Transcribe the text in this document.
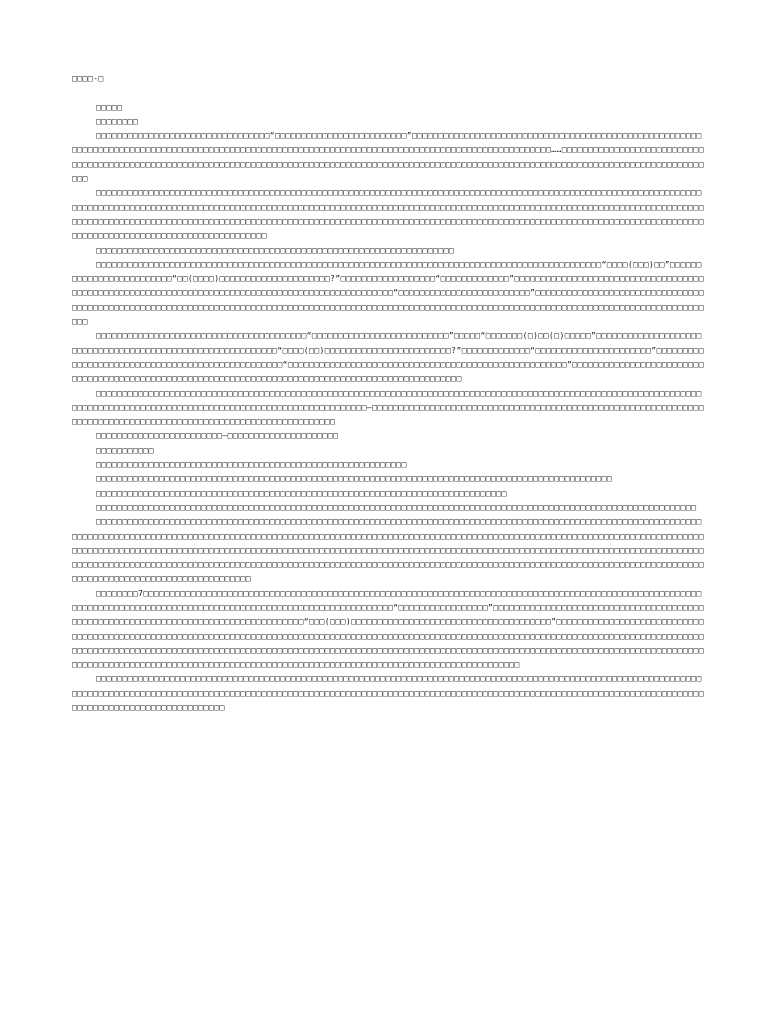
□□□□-□

□□□□□

□□□□□□□□

□□□□□□□□□□□□□□□□□□□□□□□□□□□□□□□□□“□□□□□□□□□□□□□□□□□□□□□□□□□”□□□□□□□□□□□□□□□□□□□□□□□□□□□□□□□□□□□□□□□□□□□□□□□□□□□□□□□□□□□□□□□□□□□□□□□□□□□□□□□□□□□□□□□□□□□□□□□□□□□□□□□□□□□□□□□□□□□□□□□□□□□□□□□□□□□□□□□□□□□□□□□□□□……□□□□□□□□□□□□□□□□□□□□□□□□□□□□□□□□□□□□□□□□□□□□□□□□□□□□□□□□□□□□□□□□□□□□□□□□□□□□□□□□□□□□□□□□□□□□□□□□□□□□□□□□□□□□□□□□□□□□□□□□□□□□□□□□□□□□□□□□□□□□□□□□□□□□□□

□□□□□□□□□□□□□□□□□□□□□□□□□□□□□□□□□□□□□□□□□□□□□□□□□□□□□□□□□□□□□□□□□□□□□□□□□□□□□□□□□□□□□□□□□□□□□□□□□□□□□□□□□□□□□□□□□□□□□□□□□□□□□□□□□□□□□□□□□□□□□□□□□□□□□□□□□□□□□□□□□□□□□□□□□□□□□□□□□□□□□□□□□□□□□□□□□□□□□□□□□□□□□□□□□□□□□□□□□□□□□□□□□□□□□□□□□□□□□□□□□□□□□□□□□□□□□□□□□□□□□□□□□□□□□□□□□□□□□□□□□□□□□□□□□□□□□□□□□□□□□□□□□□□□□□□□□□□□□□□□□□□□□□□□□□□□□□□□□□□□□□□□□□□□□□□□□□□□□□□□□□□□□□□□□□□□□□□□□□□□□□□□□□□□□□□□

□□□□□□□□□□□□□□□□□□□□□□□□□□□□□□□□□□□□□□□□□□□□□□□□□□□□□□□□□□□□□□□□□□□□

□□□□□□□□□□□□□□□□□□□□□□□□□□□□□□□□□□□□□□□□□□□□□□□□□□□□□□□□□□□□□□□□□□□□□□□□□□□□□□□□□□□□□□□□□□□□□□□□“□□□□(□□□)□□”□□□□□□□□□□□□□□□□□□□□□□□□□“□□(□□□□)□□□□□□□□□□□□□□□□□□□□□?”□□□□□□□□□□□□□□□□□□“□□□□□□□□□□□□□”□□□□□□□□□□□□□□□□□□□□□□□□□□□□□□□□□□□□□□□□□□□□□□□□□□□□□□□□□□□□□□□□□□□□□□□□□□□□□□□□□□□□□□□□□□□□□□□□□“□□□□□□□□□□□□□□□□□□□□□□□□□”□□□□□□□□□□□□□□□□□□□□□□□□□□□□□□□□□□□□□□□□□□□□□□□□□□□□□□□□□□□□□□□□□□□□□□□□□□□□□□□□□□□□□□□□□□□□□□□□□□□□□□□□□□□□□□□□□□□□□□□□□□□□□□□□□□□□□□□□□□□□□□□□□□□□□□□□□□□

□□□□□□□□□□□□□□□□□□□□□□□□□□□□□□□□□□□□□□□□“□□□□□□□□□□□□□□□□□□□□□□□□□□”□□□□□“□□□□□□□(□)□□(□)□□□□□”□□□□□□□□□□□□□□□□□□□□□□□□□□□□□□□□□□□□□□□□□□□□□□□□□□□□□□□□□□□“□□□□(□□)□□□□□□□□□□□□□□□□□□□□□□□□?”□□□□□□□□□□□□□“□□□□□□□□□□□□□□□□□□□□□□”□□□□□□□□□□□□□□□□□□□□□□□□□□□□□□□□□□□□□□□□□□□□□□□□□“□□□□□□□□□□□□□□□□□□□□□□□□□□□□□□□□□□□□□□□□□□□□□□□□□□□□□”□□□□□□□□□□□□□□□□□□□□□□□□□□□□□□□□□□□□□□□□□□□□□□□□□□□□□□□□□□□□□□□□□□□□□□□□□□□□□□□□□□□□□□□□□□□□□□□□□□□

□□□□□□□□□□□□□□□□□□□□□□□□□□□□□□□□□□□□□□□□□□□□□□□□□□□□□□□□□□□□□□□□□□□□□□□□□□□□□□□□□□□□□□□□□□□□□□□□□□□□□□□□□□□□□□□□□□□□□□□□□□□□□□□□□□□□□□□□□□□□□□□□□□□□□□□□□□□□□□□□□□□□□□□□□□□—□□□□□□□□□□□□□□□□□□□□□□□□□□□□□□□□□□□□□□□□□□□□□□□□□□□□□□□□□□□□□□□□□□□□□□□□□□□□□□□□□□□□□□□□□□□□□□□□□□□□□□□□□□□□□□□□□

□□□□□□□□□□□□□□□□□□□□□□□□—□□□□□□□□□□□□□□□□□□□□□

□□□□□□□□□□□

□□□□□□□□□□□□□□□□□□□□□□□□□□□□□□□□□□□□□□□□□□□□□□□□□□□□□□□□□□□

□□□□□□□□□□□□□□□□□□□□□□□□□□□□□□□□□□□□□□□□□□□□□□□□□□□□□□□□□□□□□□□□□□□□□□□□□□□□□□□□□□□□□□□□□□□□□□□□□□

□□□□□□□□□□□□□□□□□□□□□□□□□□□□□□□□□□□□□□□□□□□□□□□□□□□□□□□□□□□□□□□□□□□□□□□□□□□□□□

□□□□□□□□□□□□□□□□□□□□□□□□□□□□□□□□□□□□□□□□□□□□□□□□□□□□□□□□□□□□□□□□□□□□□□□□□□□□□□□□□□□□□□□□□□□□□□□□□□□□□□□□□□□□□□□□□□

□□□□□□□□□□□□□□□□□□□□□□□□□□□□□□□□□□□□□□□□□□□□□□□□□□□□□□□□□□□□□□□□□□□□□□□□□□□□□□□□□□□□□□□□□□□□□□□□□□□□□□□□□□□□□□□□□□□□□□□□□□□□□□□□□□□□□□□□□□□□□□□□□□□□□□□□□□□□□□□□□□□□□□□□□□□□□□□□□□□□□□□□□□□□□□□□□□□□□□□□□□□□□□□□□□□□□□□□□□□□□□□□□□□□□□□□□□□□□□□□□□□□□□□□□□□□□□□□□□□□□□□□□□□□□□□□□□□□□□□□□□□□□□□□□□□□□□□□□□□□□□□□□□□□□□□□□□□□□□□□□□□□□□□□□□□□□□□□□□□□□□□□□□□□□□□□□□□□□□□□□□□□□□□□□□□□□□□□□□□□□□□□□□□□□□□□□□□□□□□□□□□□□□□□□□□□□□□□□□□□□□□□□□□□□□□□□□□□□□□□□□□□□□□□□□□□□□□□□□□□□□□□□□□□□□□□□□□□□□□□□□□□□□□□□□□□□□□□□□□□□□□□□□□□□

□□□□□□□□7□□□□□□□□□□□□□□□□□□□□□□□□□□□□□□□□□□□□□□□□□□□□□□□□□□□□□□□□□□□□□□□□□□□□□□□□□□□□□□□□□□□□□□□□□□□□□□□□□□□□□□□□□□□□□□□□□□□□□□□□□□□□□□□□□□□□□□□□□□□□□□□□□□□□□□□□□□□□□□□□□□□□□□□“□□□□□□□□□□□□□□□□□”□□□□□□□□□□□□□□□□□□□□□□□□□□□□□□□□□□□□□□□□□□□□□□□□□□□□□□□□□□□□□□□□□□□□□□□□□□□□□□□□□□□□“□□□(□□□)□□□□□□□□□□□□□□□□□□□□□□□□□□□□□□□□□□□□□□”□□□□□□□□□□□□□□□□□□□□□□□□□□□□□□□□□□□□□□□□□□□□□□□□□□□□□□□□□□□□□□□□□□□□□□□□□□□□□□□□□□□□□□□□□□□□□□□□□□□□□□□□□□□□□□□□□□□□□□□□□□□□□□□□□□□□□□□□□□□□□□□□□□□□□□□□□□□□□□□□□□□□□□□□□□□□□□□□□□□□□□□□□□□□□□□□□□□□□□□□□□□□□□□□□□□□□□□□□□□□□□□□□□□□□□□□□□□□□□□□□□□□□□□□□□□□□□□□□□□□□□□□□□□□□□□□□□□□□□□□□□□□□□□□□□□□□□□□□□□□□□□□□□□□□□□□□□□□□□□□□□□□□□□□□□□□□□□□□□□□□□□□□□□□□□□□□

□□□□□□□□□□□□□□□□□□□□□□□□□□□□□□□□□□□□□□□□□□□□□□□□□□□□□□□□□□□□□□□□□□□□□□□□□□□□□□□□□□□□□□□□□□□□□□□□□□□□□□□□□□□□□□□□□□□□□□□□□□□□□□□□□□□□□□□□□□□□□□□□□□□□□□□□□□□□□□□□□□□□□□□□□□□□□□□□□□□□□□□□□□□□□□□□□□□□□□□□□□□□□□□□□□□□□□□□□□□□□□□□□□□□□□□□□□□□□□□□□□□□□□□□□□□□□□□□□□□□□□□□
